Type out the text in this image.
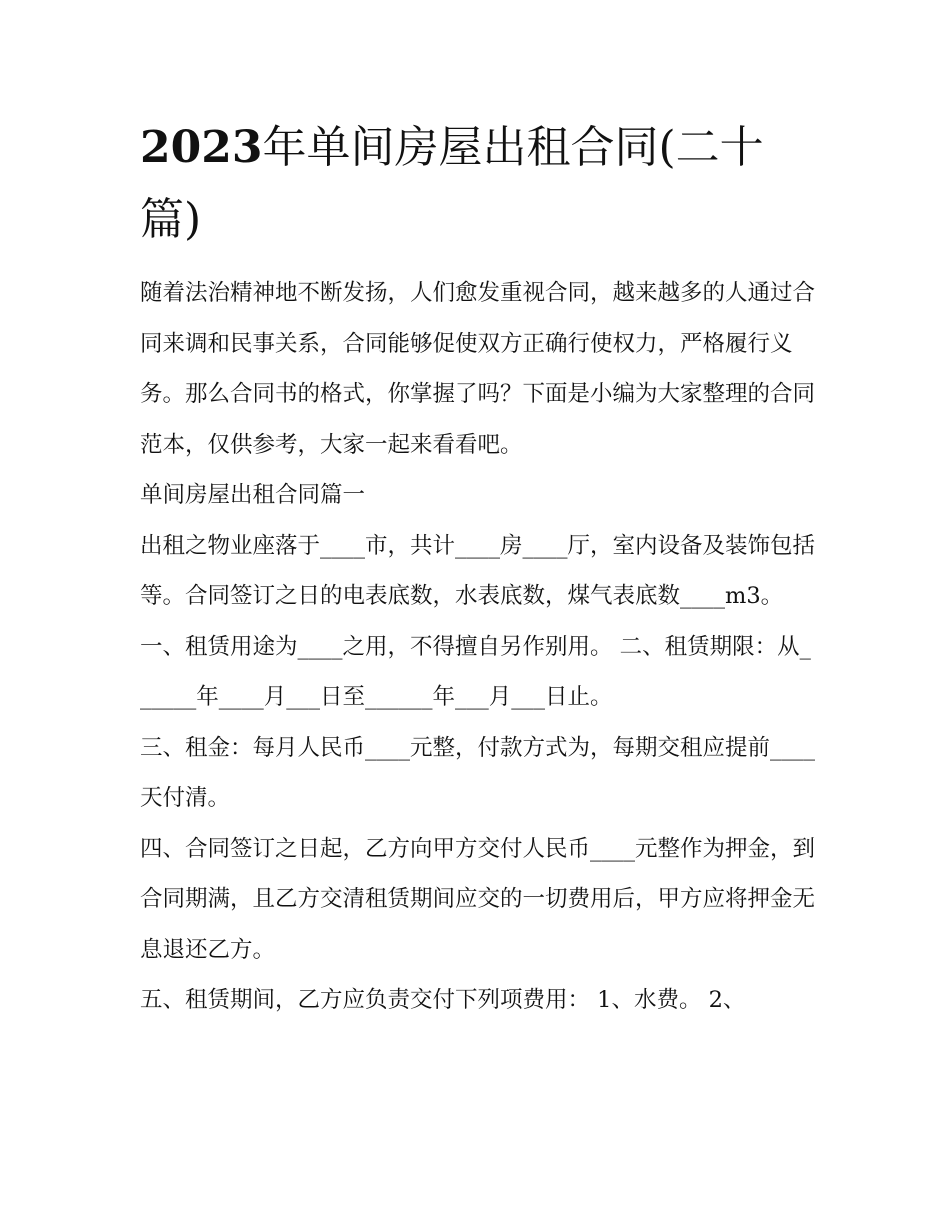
2023年单间房屋出租合同(二十篇)

随着法治精神地不断发扬，人们愈发重视合同，越来越多的人通过合同来调和民事关系，合同能够促使双方正确行使权力，严格履行义务。那么合同书的格式，你掌握了吗？下面是小编为大家整理的合同范本，仅供参考，大家一起来看看吧。

单间房屋出租合同篇一

出租之物业座落于____市，共计____房____厅，室内设备及装饰包括等。合同签订之日的电表底数，水表底数，煤气表底数____m3。

一、租赁用途为____之用，不得擅自另作别用。 二、租赁期限：从______年____月___日至______年___月___日止。

三、租金：每月人民币____元整，付款方式为，每期交租应提前____天付清。

四、合同签订之日起，乙方向甲方交付人民币____元整作为押金，到合同期满，且乙方交清租赁期间应交的一切费用后，甲方应将押金无息退还乙方。

五、租赁期间，乙方应负责交付下列项费用： 1、水费。 2、
